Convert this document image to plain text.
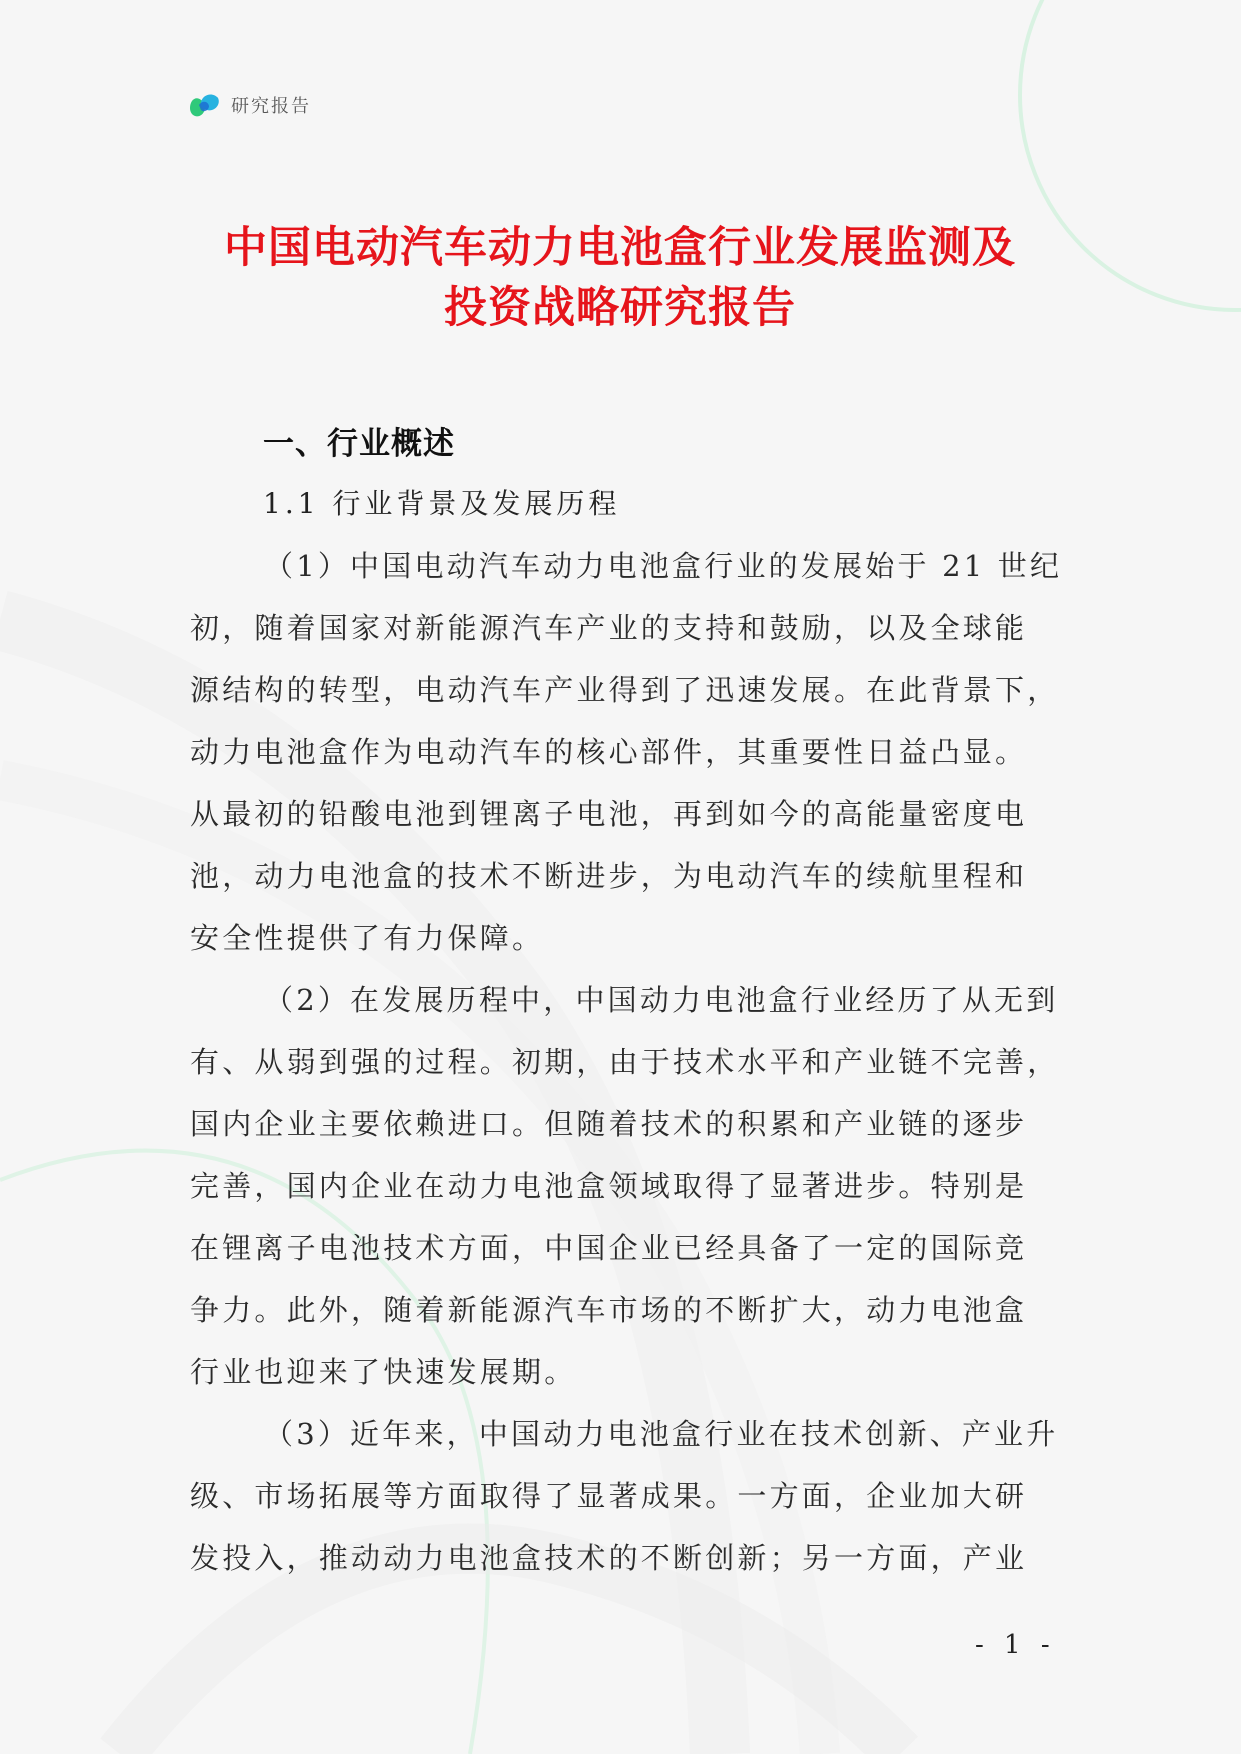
研究报告
中国电动汽车动力电池盒行业发展监测及
投资战略研究报告
一、行业概述
1.1 行业背景及发展历程

（1）中国电动汽车动力电池盒行业的发展始于 21 世纪
初，随着国家对新能源汽车产业的支持和鼓励，以及全球能
源结构的转型，电动汽车产业得到了迅速发展。在此背景下，
动力电池盒作为电动汽车的核心部件，其重要性日益凸显。
从最初的铅酸电池到锂离子电池，再到如今的高能量密度电
池，动力电池盒的技术不断进步，为电动汽车的续航里程和
安全性提供了有力保障。

（2）在发展历程中，中国动力电池盒行业经历了从无到
有、从弱到强的过程。初期，由于技术水平和产业链不完善，
国内企业主要依赖进口。但随着技术的积累和产业链的逐步
完善，国内企业在动力电池盒领域取得了显著进步。特别是
在锂离子电池技术方面，中国企业已经具备了一定的国际竞
争力。此外，随着新能源汽车市场的不断扩大，动力电池盒
行业也迎来了快速发展期。

（3）近年来，中国动力电池盒行业在技术创新、产业升
级、市场拓展等方面取得了显著成果。一方面，企业加大研
发投入，推动动力电池盒技术的不断创新；另一方面，产业

- 1 -
